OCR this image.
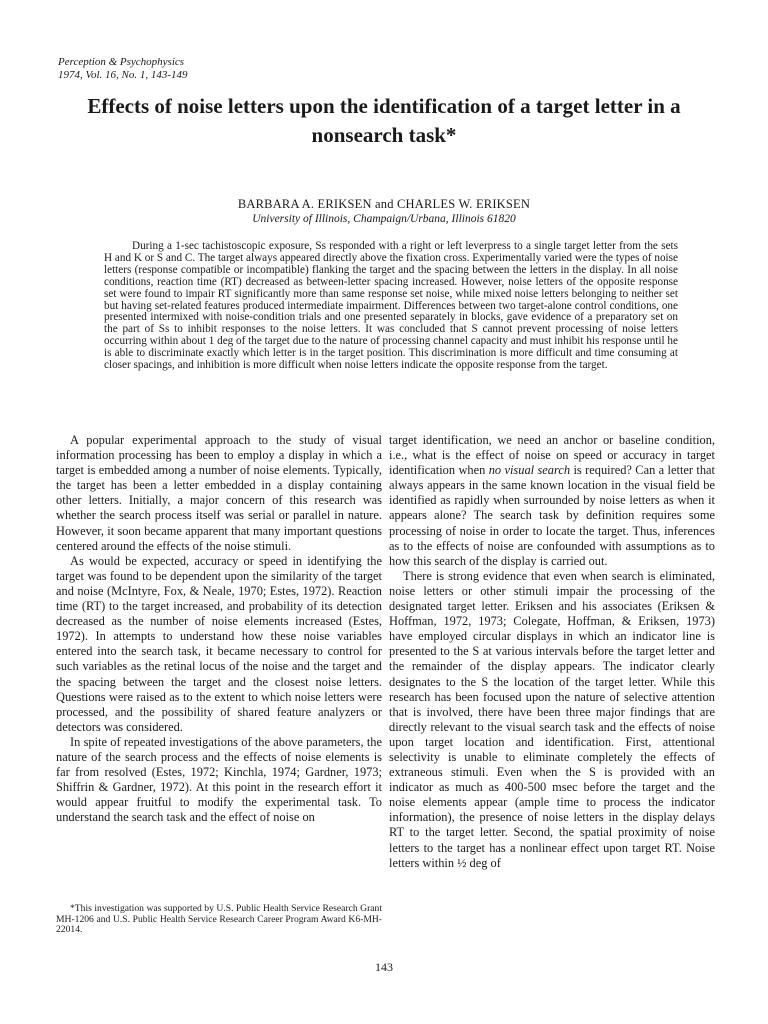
Perception & Psychophysics
1974, Vol. 16, No. 1, 143-149
Effects of noise letters upon the identification of a target letter in a nonsearch task*
BARBARA A. ERIKSEN and CHARLES W. ERIKSEN
University of Illinois, Champaign/Urbana, Illinois 61820

During a 1-sec tachistoscopic exposure, Ss responded with a right or left leverpress to a single target letter from the sets H and K or S and C. The target always appeared directly above the fixation cross. Experimentally varied were the types of noise letters (response compatible or incompatible) flanking the target and the spacing between the letters in the display. In all noise conditions, reaction time (RT) decreased as between-letter spacing increased. However, noise letters of the opposite response set were found to impair RT significantly more than same response set noise, while mixed noise letters belonging to neither set but having set-related features produced intermediate impairment. Differences between two target-alone control conditions, one presented intermixed with noise-condition trials and one presented separately in blocks, gave evidence of a preparatory set on the part of Ss to inhibit responses to the noise letters. It was concluded that S cannot prevent processing of noise letters occurring within about 1 deg of the target due to the nature of processing channel capacity and must inhibit his response until he is able to discriminate exactly which letter is in the target position. This discrimination is more difficult and time consuming at closer spacings, and inhibition is more difficult when noise letters indicate the opposite response from the target.

A popular experimental approach to the study of visual information processing has been to employ a display in which a target is embedded among a number of noise elements. Typically, the target has been a letter embedded in a display containing other letters. Initially, a major concern of this research was whether the search process itself was serial or parallel in nature. However, it soon became apparent that many important questions centered around the effects of the noise stimuli.

As would be expected, accuracy or speed in identifying the target was found to be dependent upon the similarity of the target and noise (McIntyre, Fox, & Neale, 1970; Estes, 1972). Reaction time (RT) to the target increased, and probability of its detection decreased as the number of noise elements increased (Estes, 1972). In attempts to understand how these noise variables entered into the search task, it became necessary to control for such variables as the retinal locus of the noise and the target and the spacing between the target and the closest noise letters. Questions were raised as to the extent to which noise letters were processed, and the possibility of shared feature analyzers or detectors was considered.

In spite of repeated investigations of the above parameters, the nature of the search process and the effects of noise elements is far from resolved (Estes, 1972; Kinchla, 1974; Gardner, 1973; Shiffrin & Gardner, 1972). At this point in the research effort it would appear fruitful to modify the experimental task. To understand the search task and the effect of noise on

target identification, we need an anchor or baseline condition, i.e., what is the effect of noise on speed or accuracy in target identification when no visual search is required? Can a letter that always appears in the same known location in the visual field be identified as rapidly when surrounded by noise letters as when it appears alone? The search task by definition requires some processing of noise in order to locate the target. Thus, inferences as to the effects of noise are confounded with assumptions as to how this search of the display is carried out.

There is strong evidence that even when search is eliminated, noise letters or other stimuli impair the processing of the designated target letter. Eriksen and his associates (Eriksen & Hoffman, 1972, 1973; Colegate, Hoffman, & Eriksen, 1973) have employed circular displays in which an indicator line is presented to the S at various intervals before the target letter and the remainder of the display appears. The indicator clearly designates to the S the location of the target letter. While this research has been focused upon the nature of selective attention that is involved, there have been three major findings that are directly relevant to the visual search task and the effects of noise upon target location and identification. First, attentional selectivity is unable to eliminate completely the effects of extraneous stimuli. Even when the S is provided with an indicator as much as 400-500 msec before the target and the noise elements appear (ample time to process the indicator information), the presence of noise letters in the display delays RT to the target letter. Second, the spatial proximity of noise letters to the target has a nonlinear effect upon target RT. Noise letters within ½ deg of

*This investigation was supported by U.S. Public Health Service Research Grant MH-1206 and U.S. Public Health Service Research Career Program Award K6-MH-22014.

143
